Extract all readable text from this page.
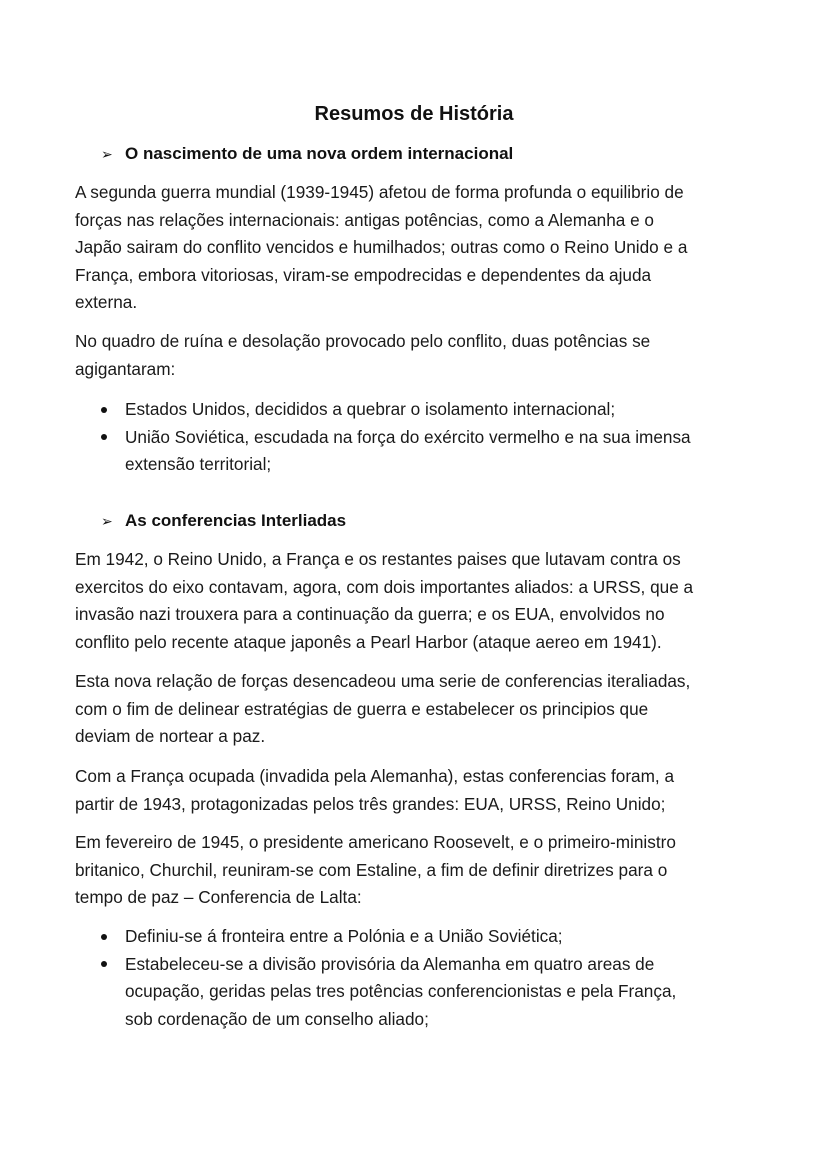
Resumos de História
➢ O nascimento de uma nova ordem internacional

A segunda guerra mundial (1939-1945) afetou de forma profunda o equilibrio de
forças nas relações internacionais: antigas potências, como a Alemanha e o
Japão sairam do conflito vencidos e humilhados; outras como o Reino Unido e a
França, embora vitoriosas, viram-se empodrecidas e dependentes da ajuda
externa.

No quadro de ruína e desolação provocado pelo conflito, duas potências se
agigantaram:

Estados Unidos, decididos a quebrar o isolamento internacional;
União Soviética, escudada na força do exército vermelho e na sua imensa
extensão territorial;
➢ As conferencias Interliadas

Em 1942, o Reino Unido, a França e os restantes paises que lutavam contra os
exercitos do eixo contavam, agora, com dois importantes aliados: a URSS, que a
invasão nazi trouxera para a continuação da guerra; e os EUA, envolvidos no
conflito pelo recente ataque japonês a Pearl Harbor (ataque aereo em 1941).

Esta nova relação de forças desencadeou uma serie de conferencias iteraliadas,
com o fim de delinear estratégias de guerra e estabelecer os principios que
deviam de nortear a paz.

Com a França ocupada (invadida pela Alemanha), estas conferencias foram, a
partir de 1943, protagonizadas pelos três grandes: EUA, URSS, Reino Unido;

Em fevereiro de 1945, o presidente americano Roosevelt, e o primeiro-ministro
britanico, Churchil, reuniram-se com Estaline, a fim de definir diretrizes para o
tempo de paz – Conferencia de Lalta:

Definiu-se á fronteira entre a Polónia e a União Soviética;
Estabeleceu-se a divisão provisória da Alemanha em quatro areas de
ocupação, geridas pelas tres potências conferencionistas e pela França,
sob cordenação de um conselho aliado;
